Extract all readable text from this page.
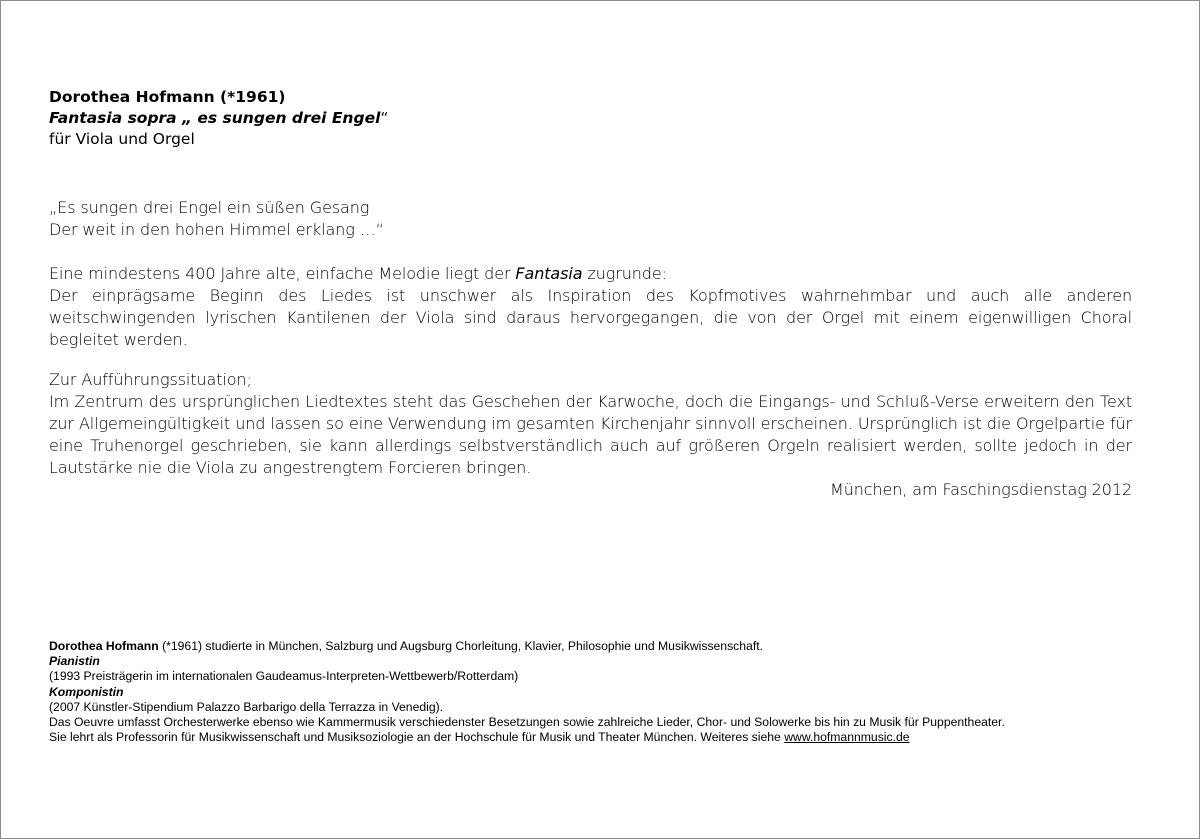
Dorothea Hofmann (*1961)
Fantasia sopra „ es sungen drei Engel“
für Viola und Orgel

„Es sungen drei Engel ein süßen Gesang

Der weit in den hohen Himmel erklang …“

Eine mindestens 400 Jahre alte, einfache Melodie liegt der Fantasia zugrunde:

Der einprägsame Beginn des Liedes ist unschwer als Inspiration des Kopfmotives wahrnehmbar und auch alle anderen weitschwingenden lyrischen Kantilenen der Viola sind daraus hervorgegangen, die von der Orgel mit einem eigenwilligen Choral begleitet werden.

Zur Aufführungssituation;

Im Zentrum des ursprünglichen Liedtextes steht das Geschehen der Karwoche, doch die Eingangs- und Schluß-Verse erweitern den Text zur Allgemeingültigkeit und lassen so eine Verwendung im gesamten Kirchenjahr sinnvoll erscheinen. Ursprünglich ist die Orgelpartie für eine Truhenorgel geschrieben, sie kann allerdings selbstverständlich auch auf größeren Orgeln realisiert werden, sollte jedoch in der Lautstärke nie die Viola zu angestrengtem Forcieren bringen.

München, am Faschingsdienstag 2012

Dorothea Hofmann (*1961) studierte in München, Salzburg und Augsburg Chorleitung, Klavier, Philosophie und Musikwissenschaft.

Pianistin

(1993 Preisträgerin im internationalen Gaudeamus-Interpreten-Wettbewerb/Rotterdam)

Komponistin

(2007 Künstler-Stipendium Palazzo Barbarigo della Terrazza in Venedig).

Das Oeuvre umfasst Orchesterwerke ebenso wie Kammermusik verschiedenster Besetzungen sowie zahlreiche Lieder, Chor- und Solowerke bis hin zu Musik für Puppentheater.

Sie lehrt als Professorin für Musikwissenschaft und Musiksoziologie an der Hochschule für Musik und Theater München. Weiteres siehe www.hofmannmusic.de
